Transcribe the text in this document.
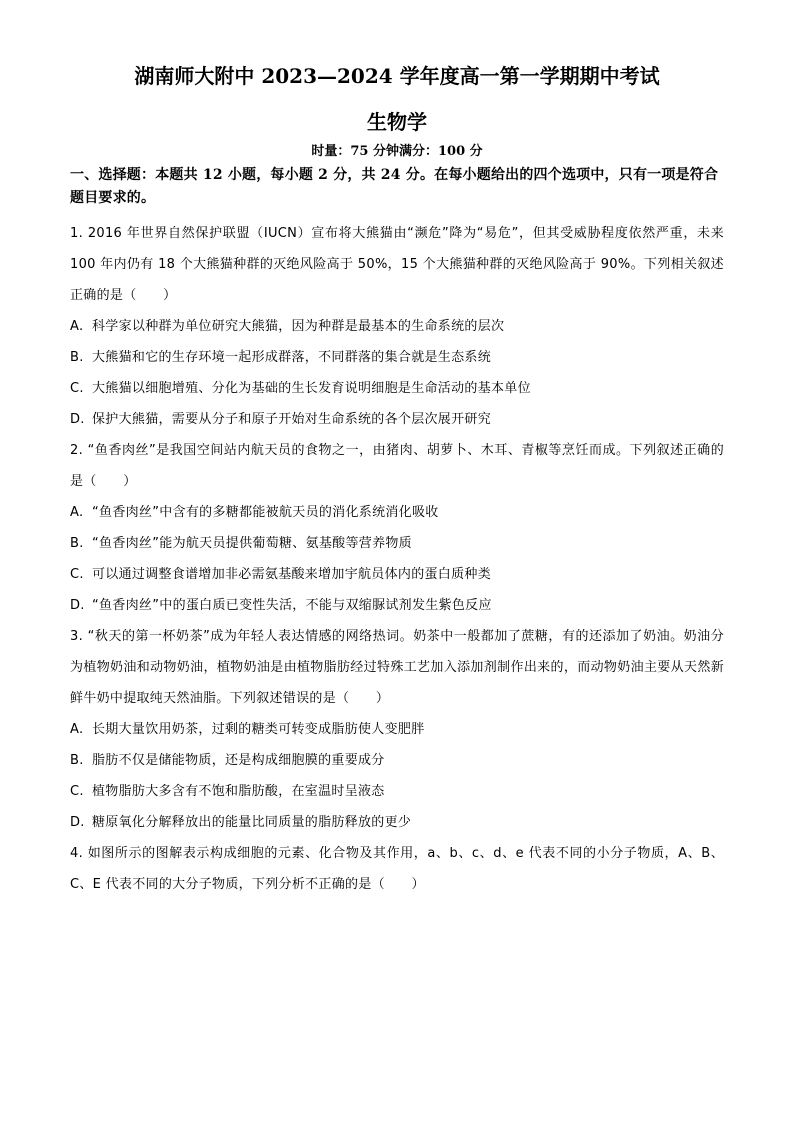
湖南师大附中 2023—2024 学年度高一第一学期期中考试
生物学
时量：75 分钟满分：100 分
一、选择题：本题共 12 小题，每小题 2 分，共 24 分。在每小题给出的四个选项中，只有一项是符合题目要求的。

1. 2016 年世界自然保护联盟（IUCN）宣布将大熊猫由“濒危”降为“易危”，但其受威胁程度依然严重，未来 100 年内仍有 18 个大熊猫种群的灭绝风险高于 50%，15 个大熊猫种群的灭绝风险高于 90%。下列相关叙述正确的是（　　）

A. 科学家以种群为单位研究大熊猫，因为种群是最基本的生命系统的层次

B. 大熊猫和它的生存环境一起形成群落，不同群落的集合就是生态系统

C. 大熊猫以细胞增殖、分化为基础的生长发育说明细胞是生命活动的基本单位

D. 保护大熊猫，需要从分子和原子开始对生命系统的各个层次展开研究

2. “鱼香肉丝”是我国空间站内航天员的食物之一，由猪肉、胡萝卜、木耳、青椒等烹饪而成。下列叙述正确的是（　　）

A. “鱼香肉丝”中含有的多糖都能被航天员的消化系统消化吸收

B. “鱼香肉丝”能为航天员提供葡萄糖、氨基酸等营养物质

C. 可以通过调整食谱增加非必需氨基酸来增加宇航员体内的蛋白质种类

D. “鱼香肉丝”中的蛋白质已变性失活，不能与双缩脲试剂发生紫色反应

3. “秋天的第一杯奶茶”成为年轻人表达情感的网络热词。奶茶中一般都加了蔗糖，有的还添加了奶油。奶油分为植物奶油和动物奶油，植物奶油是由植物脂肪经过特殊工艺加入添加剂制作出来的，而动物奶油主要从天然新鲜牛奶中提取纯天然油脂。下列叙述错误的是（　　）

A. 长期大量饮用奶茶，过剩的糖类可转变成脂肪使人变肥胖

B. 脂肪不仅是储能物质，还是构成细胞膜的重要成分

C. 植物脂肪大多含有不饱和脂肪酸，在室温时呈液态

D. 糖原氧化分解释放出的能量比同质量的脂肪释放的更少

4. 如图所示的图解表示构成细胞的元素、化合物及其作用，a、b、c、d、e 代表不同的小分子物质，A、B、C、E 代表不同的大分子物质，下列分析不正确的是（　　）
